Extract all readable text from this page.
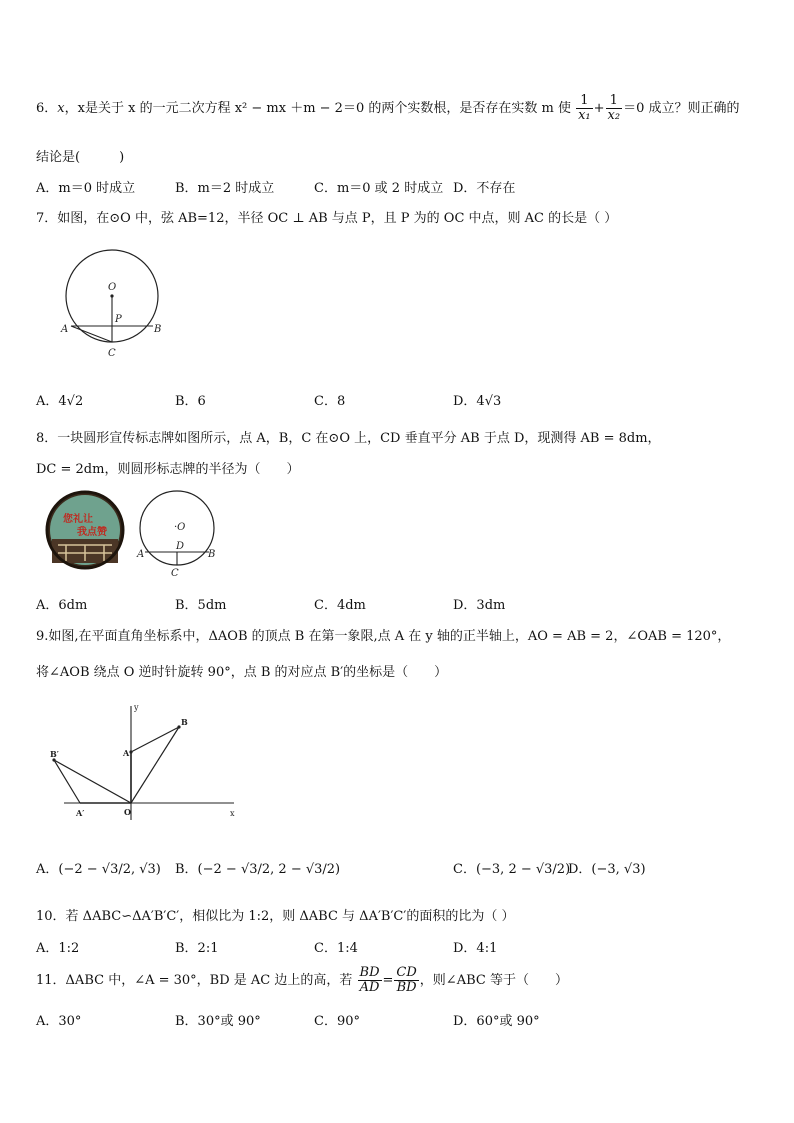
6．x，x是关于 x 的一元二次方程 x² − mx ＋m − 2＝0 的两个实数根，是否存在实数 m 使 $\frac{1}{\text{x₁}} + \frac{1}{\text{x₂}} =0$ 成立？则正确的
结论是(　　　)
A．m＝0 时成立	B．m＝2 时成立	C．m＝0 或 2 时成立 D．不存在
7．如图，在⊙O 中，弦 AB=12，半径 OC ⊥ AB 与点 P，且 P 为的 OC 中点，则 AC 的长是（ ）
O
P
A	B
C
A．4√2	B．6	C．8	D．4√3
8．一块圆形宣传标志牌如图所示，点 A，B，C 在⊙O 上，CD 垂直平分 AB 于点 D，现测得 AB = 8dm，
DC = 2dm，则圆形标志牌的半径为（　　）
您礼让
我点赞	·O
D
A	B
C
A．6dm	B．5dm	C．4dm	D．3dm
9.如图,在平面直角坐标系中，ΔAOB 的顶点 B 在第一象限,点 A 在 y 轴的正半轴上，AO = AB = 2，∠OAB = 120°，
将∠AOB 绕点 O 逆时针旋转 90°，点 B 的对应点 B′的坐标是（　　）
y
x
O
A
B
B′
A′
A．(−2 − √3/2, √3) B．(−2 − √3/2, 2 − √3/2)	C．(−3, 2 − √3/2)
D．(−3, √3)
10．若 ΔABC∽ΔA′B′C′，相似比为 1:2，则 ΔABC 与 ΔA′B′C′的面积的比为（ ）
A．1:2	B．2:1	C．1:4	D．4:1
11．ΔABC 中，∠A = 30°，BD 是 AC 边上的高，若 $\frac{BD}{AD} = \frac{CD}{BD}$ ，则∠ABC 等于（　　）
A．30°	B．30°或 90°	C．90°	D．60°或 90°
